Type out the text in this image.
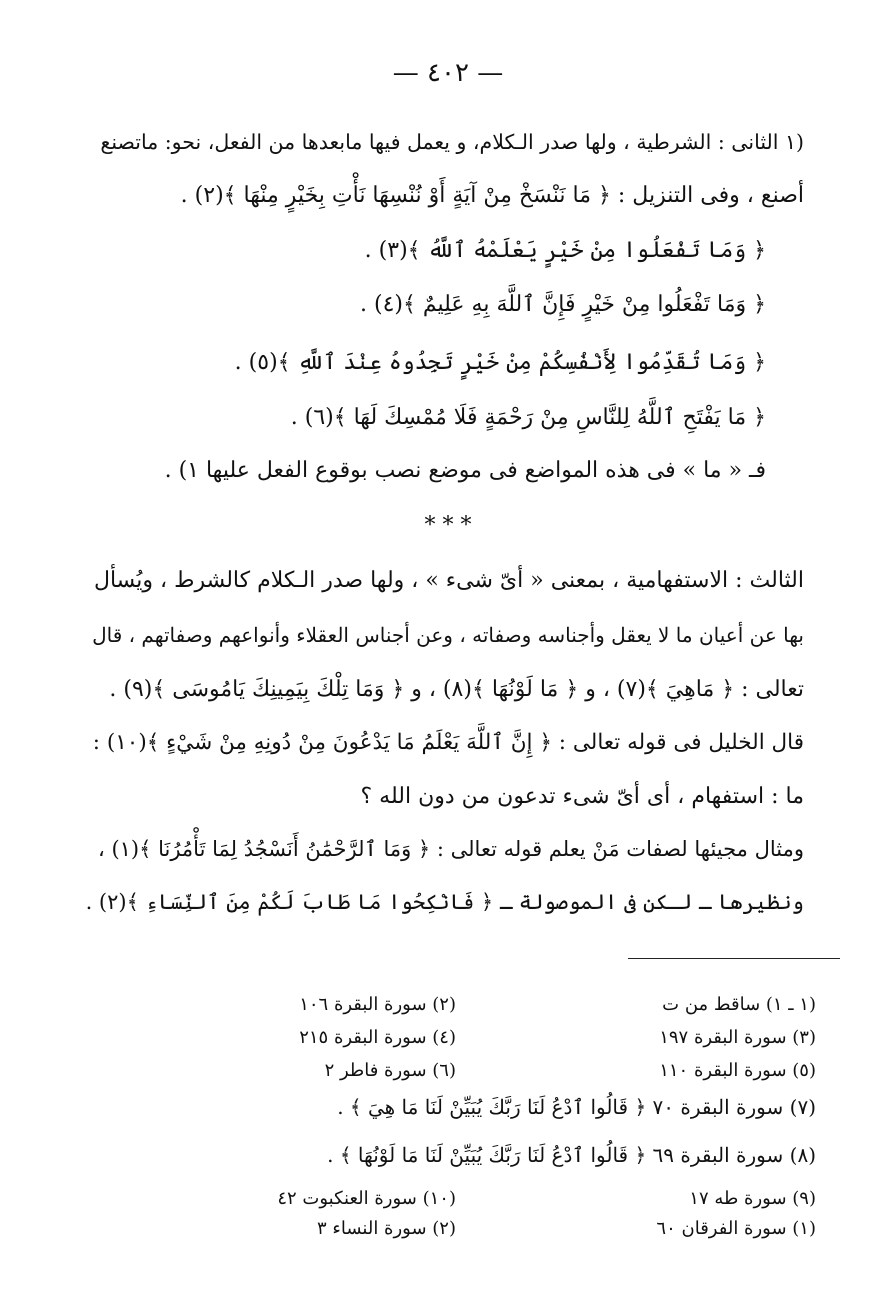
— ٤٠٢ —
(١ الثانى : الشرطية ، ولها صدر الـكلام، و يعمل فيها مابعدها من الفعل، نحو: ماتصنع
أصنع ، وفى التنزيل : ﴿ مَا نَنْسَخْ مِنْ آيَةٍ أَوْ نُنْسِهَا نَأْتِ بِخَيْرٍ مِنْهَا ﴾(٢) .
﴿ وَمَا تَفْعَلُوا مِنْ خَيْرٍ يَعْلَمْهُ ٱللَّهُ ﴾(٣) .
﴿ وَمَا تَفْعَلُوا مِنْ خَيْرٍ فَإِنَّ ٱللَّهَ بِهِ عَلِيمٌ ﴾(٤) .
﴿ وَمَا تُقَدِّمُوا لِأَنْفُسِكُمْ مِنْ خَيْرٍ تَجِدُوهُ عِنْدَ ٱللَّهِ ﴾(٥) .
﴿ مَا يَفْتَحِ ٱللَّهُ لِلنَّاسِ مِنْ رَحْمَةٍ فَلَا مُمْسِكَ لَهَا ﴾(٦) .
فـ « ما » فى هذه المواضع فى موضع نصب بوقوع الفعل عليها ١) .
* * *
الثالث : الاستفهامية ، بمعنى « أىّ شىء » ، ولها صدر الـكلام كالشرط ، ويُسأل
بها عن أعيان ما لا يعقل وأجناسه وصفاته ، وعن أجناس العقلاء وأنواعهم وصفاتهم ، قال
تعالى : ﴿ مَاهِيَ ﴾(٧) ، و ﴿ مَا لَوْنُهَا ﴾(٨) ، و ﴿ وَمَا تِلْكَ بِيَمِينِكَ يَامُوسَى ﴾(٩) .
قال الخليل فى قوله تعالى : ﴿ إِنَّ ٱللَّهَ يَعْلَمُ مَا يَدْعُونَ مِنْ دُونِهِ مِنْ شَيْءٍ ﴾(١٠) :
ما : استفهام ، أى أىّ شىء تدعون من دون الله ؟
ومثال مجيئها لصفات مَنْ يعلم قوله تعالى : ﴿ وَمَا ٱلرَّحْمَٰنُ أَنَسْجُدُ لِمَا تَأْمُرُنَا ﴾(١) ،
ونظيرها ـ لـكن فى الموصولة ـ ﴿ فَانْكِحُوا مَا طَابَ لَكُمْ مِنَ ٱلنِّسَاءِ ﴾(٢) .
(١ ـ ١) ساقط من ت
(٢) سورة البقرة ١٠٦
(٣) سورة البقرة ١٩٧
(٤) سورة البقرة ٢١٥
(٥) سورة البقرة ١١٠
(٦) سورة فاطر ٢
(٧) سورة البقرة ٧٠ ﴿ قَالُوا ٱدْعُ لَنَا رَبَّكَ يُبَيِّنْ لَنَا مَا هِيَ ﴾ .
(٨) سورة البقرة ٦٩ ﴿ قَالُوا ٱدْعُ لَنَا رَبَّكَ يُبَيِّنْ لَنَا مَا لَوْنُهَا ﴾ .
(٩) سورة طه ١٧
(١٠) سورة العنكبوت ٤٢
(١) سورة الفرقان ٦٠
(٢) سورة النساء ٣
